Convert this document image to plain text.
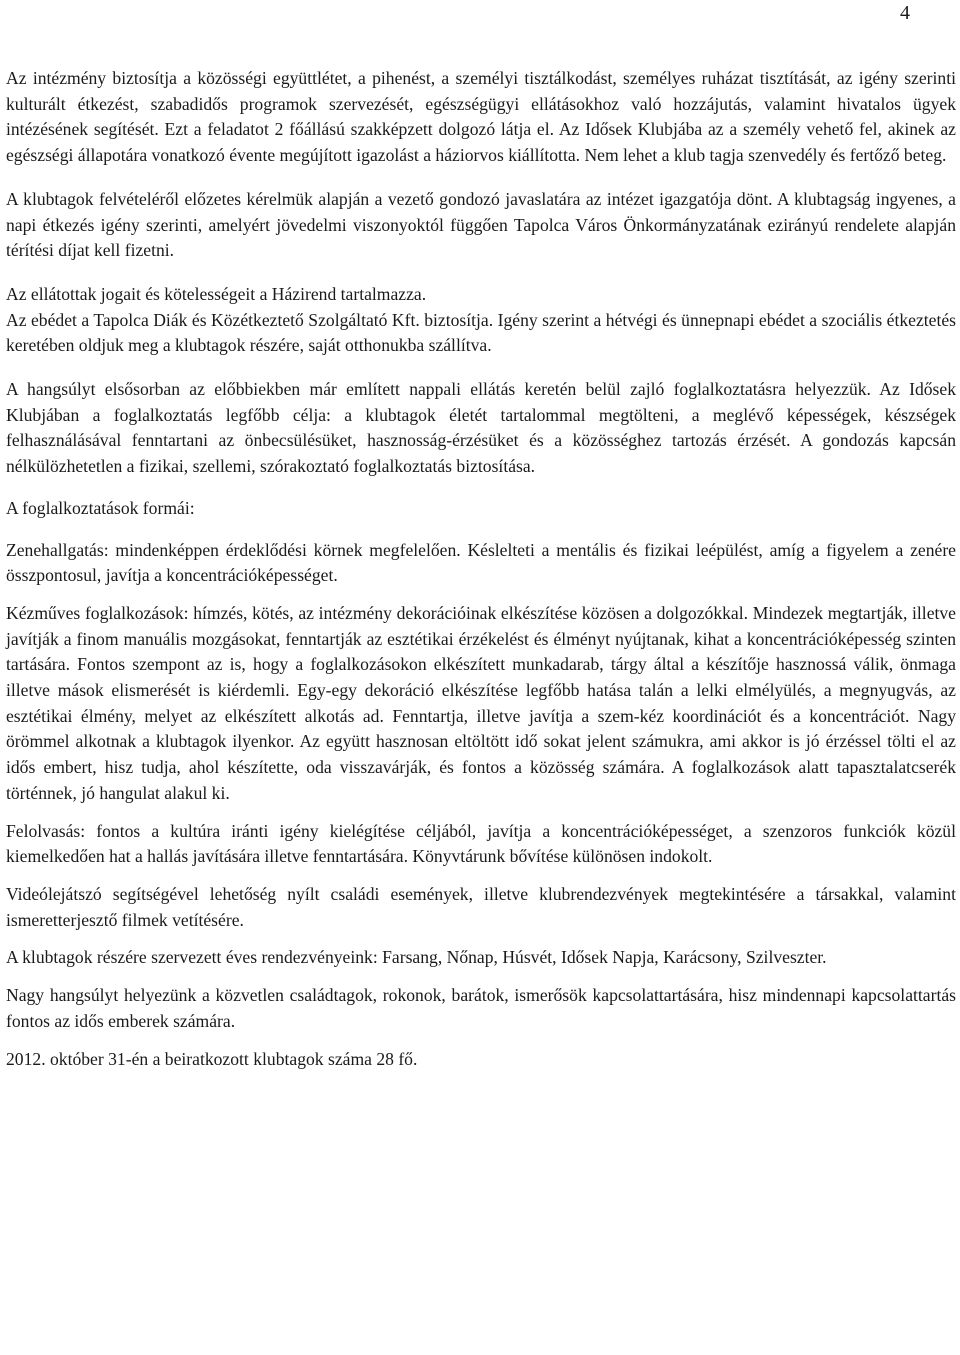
4

Az intézmény biztosítja a közösségi együttlétet, a pihenést, a személyi tisztálkodást, személyes ruházat tisztítását, az igény szerinti kulturált étkezést, szabadidős programok szervezését, egészségügyi ellátásokhoz való hozzájutás, valamint hivatalos ügyek intézésének segítését. Ezt a feladatot 2 főállású szakképzett dolgozó látja el. Az Idősek Klubjába az a személy vehető fel, akinek az egészségi állapotára vonatkozó évente megújított igazolást a háziorvos kiállította. Nem lehet a klub tagja szenvedély és fertőző beteg.

A klubtagok felvételéről előzetes kérelmük alapján a vezető gondozó javaslatára az intézet igazgatója dönt. A klubtagság ingyenes, a napi étkezés igény szerinti, amelyért jövedelmi viszonyoktól függően Tapolca Város Önkormányzatának ezirányú rendelete alapján térítési díjat kell fizetni.

Az ellátottak jogait és kötelességeit a Házirend tartalmazza.

Az ebédet a Tapolca Diák és Közétkeztető Szolgáltató Kft. biztosítja. Igény szerint a hétvégi és ünnepnapi ebédet a szociális étkeztetés keretében oldjuk meg a klubtagok részére, saját otthonukba szállítva.

A hangsúlyt elsősorban az előbbiekben már említett nappali ellátás keretén belül zajló foglalkoztatásra helyezzük. Az Idősek Klubjában a foglalkoztatás legfőbb célja: a klubtagok életét tartalommal megtölteni, a meglévő képességek, készségek felhasználásával fenntartani az önbecsülésüket, hasznosság-érzésüket és a közösséghez tartozás érzését. A gondozás kapcsán nélkülözhetetlen a fizikai, szellemi, szórakoztató foglalkoztatás biztosítása.

A foglalkoztatások formái:

Zenehallgatás: mindenképpen érdeklődési körnek megfelelően. Késlelteti a mentális és fizikai leépülést, amíg a figyelem a zenére összpontosul, javítja a koncentrációképességet.

Kézműves foglalkozások: hímzés, kötés, az intézmény dekorációinak elkészítése közösen a dolgozókkal. Mindezek megtartják, illetve javítják a finom manuális mozgásokat, fenntartják az esztétikai érzékelést és élményt nyújtanak, kihat a koncentrációképesség szinten tartására. Fontos szempont az is, hogy a foglalkozásokon elkészített munkadarab, tárgy által a készítője hasznossá válik, önmaga illetve mások elismerését is kiérdemli. Egy-egy dekoráció elkészítése legfőbb hatása talán a lelki elmélyülés, a megnyugvás, az esztétikai élmény, melyet az elkészített alkotás ad. Fenntartja, illetve javítja a szem-kéz koordinációt és a koncentrációt. Nagy örömmel alkotnak a klubtagok ilyenkor. Az együtt hasznosan eltöltött idő sokat jelent számukra, ami akkor is jó érzéssel tölti el az idős embert, hisz tudja, ahol készítette, oda visszavárják, és fontos a közösség számára. A foglalkozások alatt tapasztalatcserék történnek, jó hangulat alakul ki.

Felolvasás: fontos a kultúra iránti igény kielégítése céljából, javítja a koncentrációképességet, a szenzoros funkciók közül kiemelkedően hat a hallás javítására illetve fenntartására. Könyvtárunk bővítése különösen indokolt.

Videólejátszó segítségével lehetőség nyílt családi események, illetve klubrendezvények megtekintésére a társakkal, valamint ismeretterjesztő filmek vetítésére.

A klubtagok részére szervezett éves rendezvényeink: Farsang, Nőnap, Húsvét, Idősek Napja, Karácsony, Szilveszter.

Nagy hangsúlyt helyezünk a közvetlen családtagok, rokonok, barátok, ismerősök kapcsolattartására, hisz mindennapi kapcsolattartás fontos az idős emberek számára.

2012. október 31-én a beiratkozott klubtagok száma 28 fő.
